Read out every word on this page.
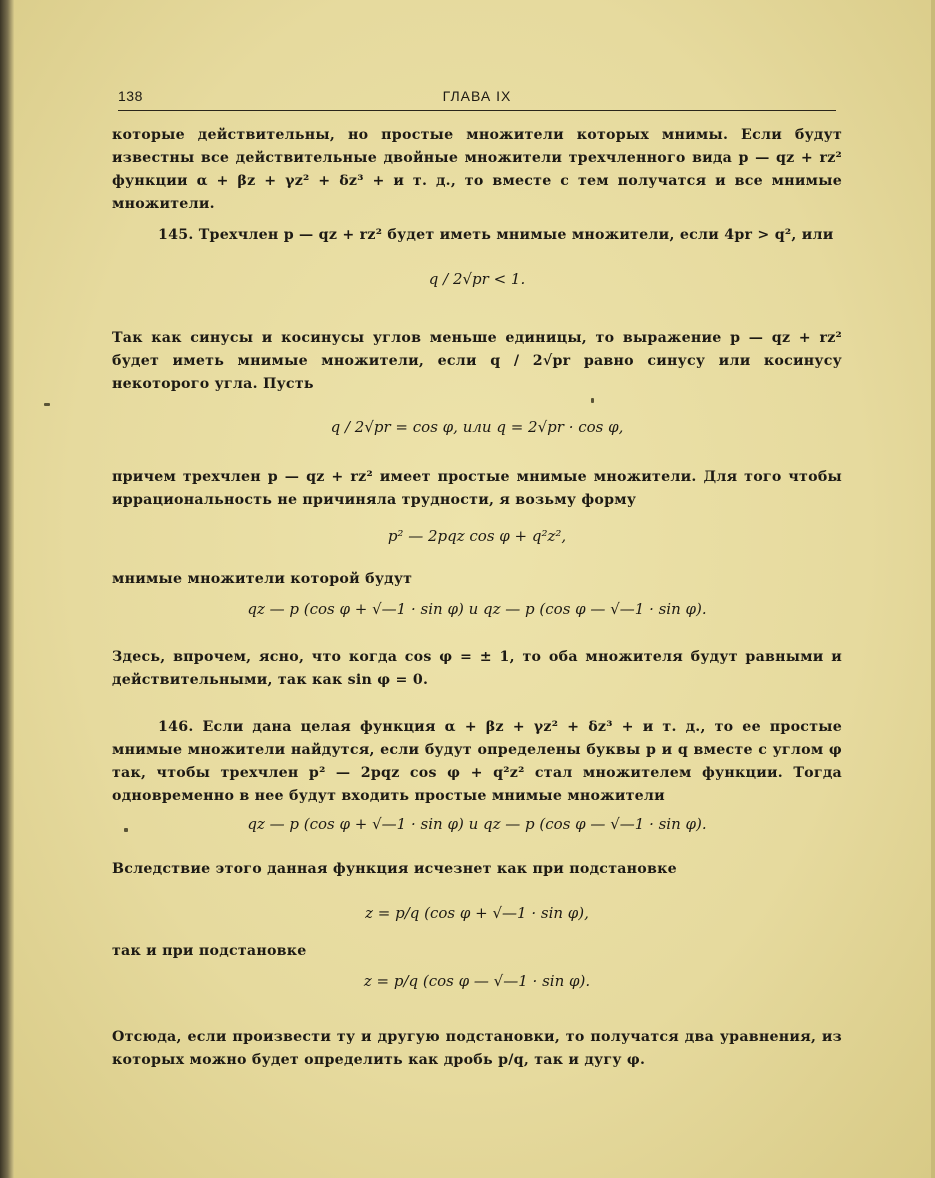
138	ГЛАВА IX
которые действительны, но простые множители которых мнимы. Если будут известны все действительные двойные множители трехчленного вида p — qz + rz² функции α + βz + γz² + δz³ + и т. д., то вместе с тем получатся и все мнимые множители.
145. Трехчлен p — qz + rz² будет иметь мнимые множители, если 4pr > q², или
q / 2√pr < 1.
Так как синусы и косинусы углов меньше единицы, то выражение p — qz + rz² будет иметь мнимые множители, если q / 2√pr равно синусу или косинусу некоторого угла. Пусть
q / 2√pr = cos φ, или q = 2√pr · cos φ,
причем трехчлен p — qz + rz² имеет простые мнимые множители. Для того чтобы иррациональность не причиняла трудности, я возьму форму
p² — 2pqz cos φ + q²z²,
мнимые множители которой будут
qz — p (cos φ + √—1 · sin φ) и qz — p (cos φ — √—1 · sin φ).
Здесь, впрочем, ясно, что когда cos φ = ± 1, то оба множителя будут равными и действительными, так как sin φ = 0.
146. Если дана целая функция α + βz + γz² + δz³ + и т. д., то ее простые мнимые множители найдутся, если будут определены буквы p и q вместе с углом φ так, чтобы трехчлен p² — 2pqz cos φ + q²z² стал множителем функции. Тогда одновременно в нее будут входить простые мнимые множители
qz — p (cos φ + √—1 · sin φ) и qz — p (cos φ — √—1 · sin φ).
Вследствие этого данная функция исчезнет как при подстановке
z = p/q (cos φ + √—1 · sin φ),
так и при подстановке
z = p/q (cos φ — √—1 · sin φ).
Отсюда, если произвести ту и другую подстановки, то получатся два уравнения, из которых можно будет определить как дробь p/q, так и дугу φ.
